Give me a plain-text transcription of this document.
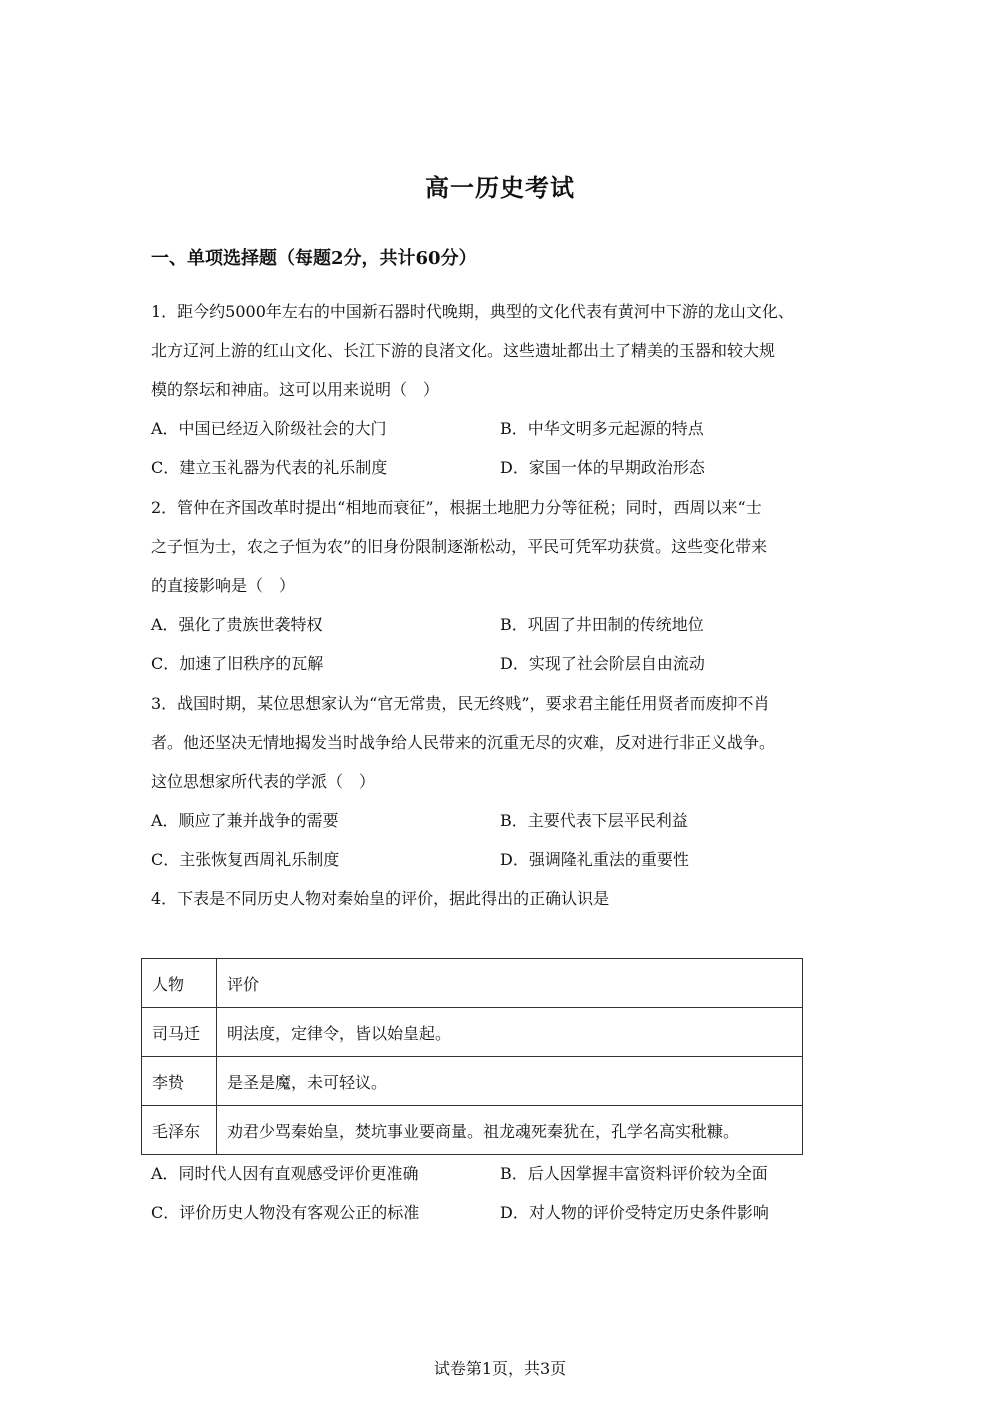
高一历史考试
一、单项选择题（每题2分，共计60分）
1．距今约5000年左右的中国新石器时代晚期，典型的文化代表有黄河中下游的龙山文化、
北方辽河上游的红山文化、长江下游的良渚文化。这些遗址都出土了精美的玉器和较大规
模的祭坛和神庙。这可以用来说明（　）
A．中国已经迈入阶级社会的大门	B．中华文明多元起源的特点
C．建立玉礼器为代表的礼乐制度	D．家国一体的早期政治形态
2．管仲在齐国改革时提出“相地而衰征”，根据土地肥力分等征税；同时，西周以来“士
之子恒为士，农之子恒为农”的旧身份限制逐渐松动，平民可凭军功获赏。这些变化带来
的直接影响是（　）
A．强化了贵族世袭特权	B．巩固了井田制的传统地位
C．加速了旧秩序的瓦解	D．实现了社会阶层自由流动
3．战国时期，某位思想家认为“官无常贵，民无终贱”，要求君主能任用贤者而废抑不肖
者。他还坚决无情地揭发当时战争给人民带来的沉重无尽的灾难，反对进行非正义战争。
这位思想家所代表的学派（　）
A．顺应了兼并战争的需要	B．主要代表下层平民利益
C．主张恢复西周礼乐制度	D．强调隆礼重法的重要性
4．下表是不同历史人物对秦始皇的评价，据此得出的正确认识是
人物	评价
司马迁	明法度，定律令，皆以始皇起。
李贽	是圣是魔，未可轻议。
毛泽东	劝君少骂秦始皇，焚坑事业要商量。祖龙魂死秦犹在，孔学名高实秕糠。
A．同时代人因有直观感受评价更准确	B．后人因掌握丰富资料评价较为全面
C．评价历史人物没有客观公正的标准	D．对人物的评价受特定历史条件影响
试卷第1页，共3页
